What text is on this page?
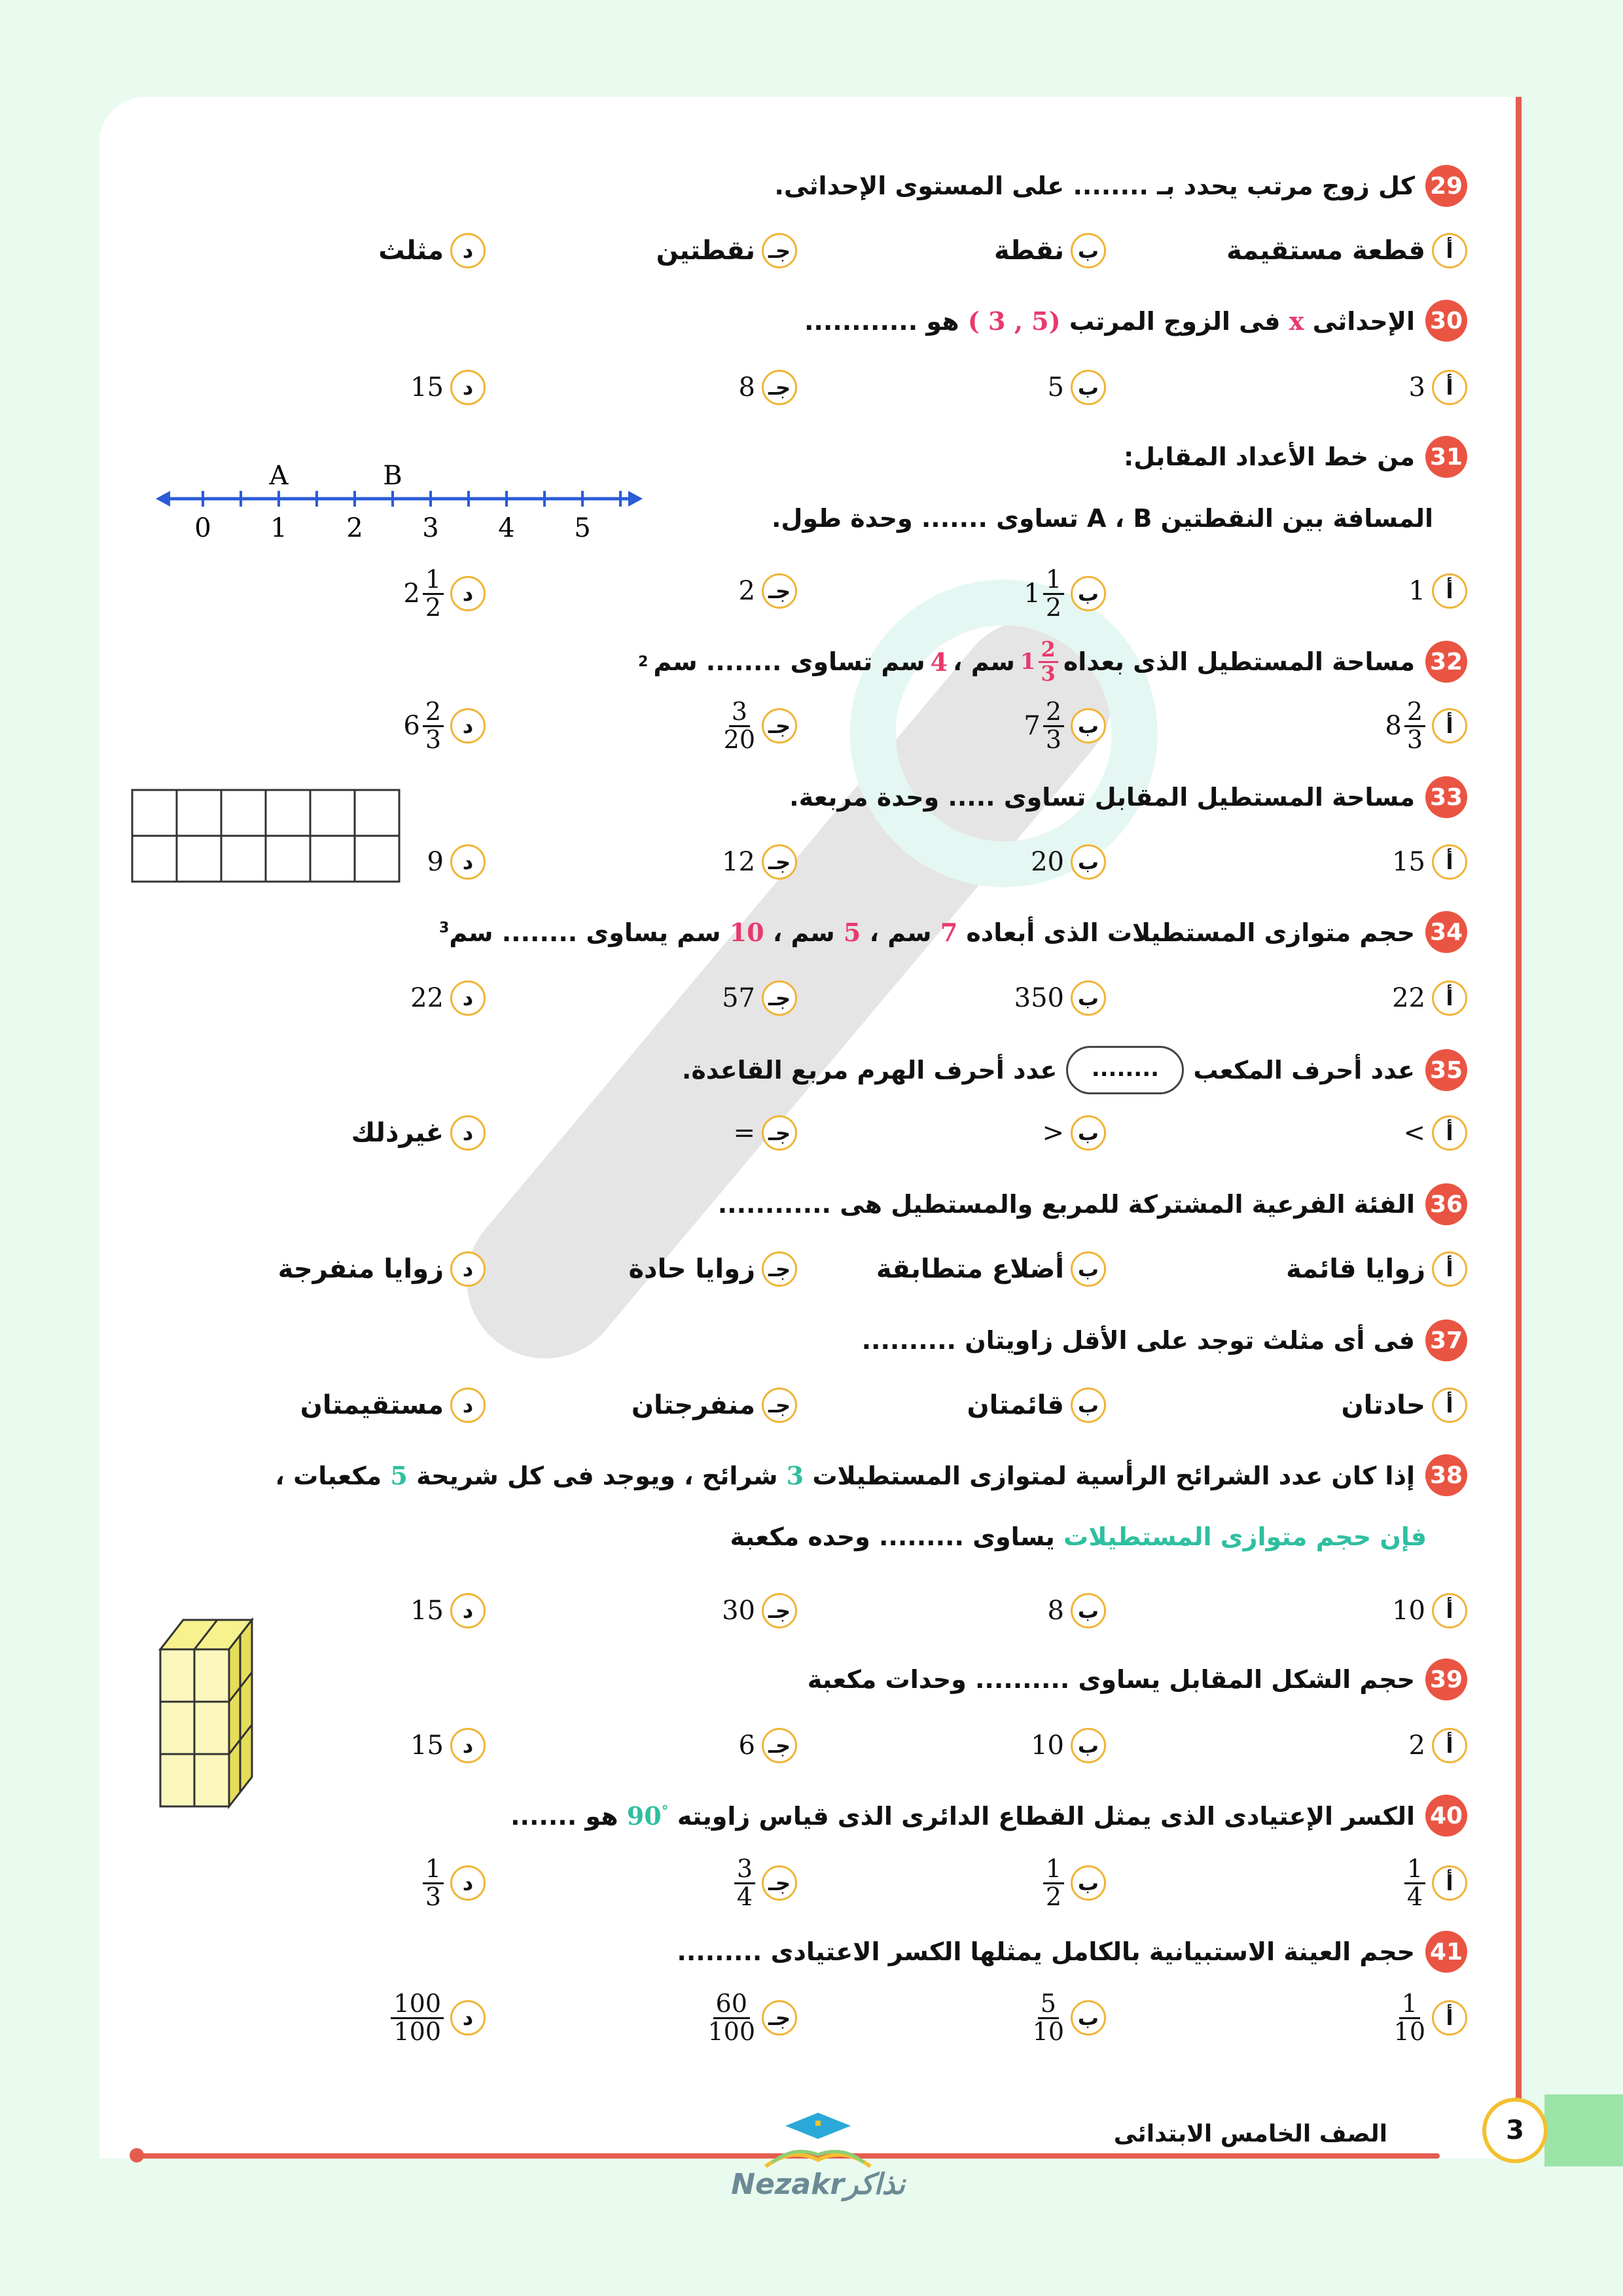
29
كل زوج مرتب يحدد بـ ........ على المستوى الإحداثى.
أ
قطعة مستقيمة
ب
نقطة
جـ
نقطتين
د
مثلث
30
الإحداثى x فى الزوج المرتب ( 3 , 5) هو ............
أ
3
ب
5
جـ
8
د
15
31
من خط الأعداد المقابل:
المسافة بين النقطتين A ، B تساوى ....... وحدة طول.
0 1 2 3 4 5
A	B
أ
1
ب
$1 \frac{1}{2}$
جـ
2
د
$2 \frac{1}{2}$
32
مساحة المستطيل الذى بعداه
$1 \frac{2}{3}$
سم ،
4
سم تساوى ........ سم
2
أ
$8 \frac{2}{3}$
ب
$7 \frac{2}{3}$
جـ
$\frac{3}{20}$
د
$6 \frac{2}{3}$
33
مساحة المستطيل المقابل تساوى ..... وحدة مربعة.
أ
15
ب
20
جـ
12
د
9
34
حجم متوازى المستطيلات الذى أبعاده 7 سم ، 5 سم ، 10 سم يساوى ........ سم$^3$
أ
22
ب
350
جـ
57
د
22
35
عدد أحرف المكعب
........
عدد أحرف الهرم مربع القاعدة.
أ
>
ب
<
جـ
=
د
غيرذلك
36
الفئة الفرعية المشتركة للمربع والمستطيل هى ............
أ
زوايا قائمة
ب
أضلاع متطابقة
جـ
زوايا حادة
د
زوايا منفرجة
37
فى أى مثلث توجد على الأقل زاويتان ..........
أ
حادتان
ب
قائمتان
جـ
منفرجتان
د
مستقيمتان
38
إذا كان عدد الشرائح الرأسية لمتوازى المستطيلات 3 شرائح ، ويوجد فى كل شريحة 5 مكعبات ،
فإن حجم متوازى المستطيلات يساوى ......... وحده مكعبة
أ
10
ب
8
جـ
30
د
15
39
حجم الشكل المقابل يساوى .......... وحدات مكعبة
أ
2
ب
10
جـ
6
د
15
40
الكسر الإعتيادى الذى يمثل القطاع الدائرى الذى قياس زاويته 90° هو .......
أ
$\frac{1}{4}$
ب
$\frac{1}{2}$
جـ
$\frac{3}{4}$
د
$\frac{1}{3}$
41
حجم العينة الاستبيانية بالكامل يمثلها الكسر الاعتيادى .........
أ
$\frac{1}{10}$
ب
$\frac{5}{10}$
جـ
$\frac{60}{100}$
د
$\frac{100}{100}$
Nezakrنذاكر
الصف الخامس الابتدائى	3
